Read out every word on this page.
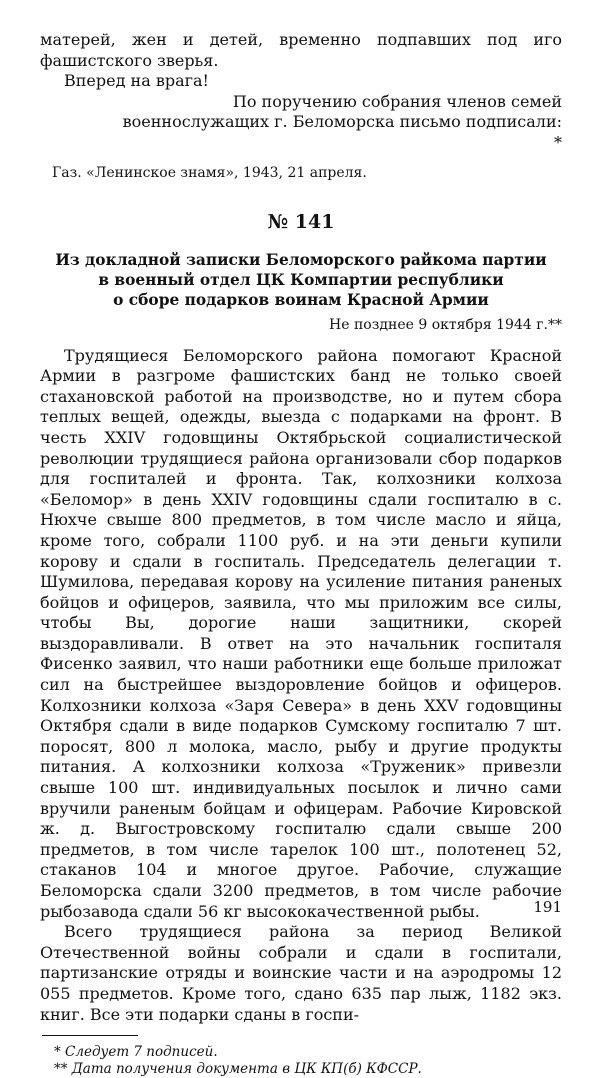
матерей, жен и детей, временно подпавших под иго фашистского зверья.

Вперед на врага!

По поручению собрания членов семей военнослужащих г. Беломорска письмо подписали: *

Газ. «Ленинское знамя», 1943, 21 апреля.

№ 141
Из докладной записки Беломорского райкома партии
в военный отдел ЦК Компартии республики
о сборе подарков воинам Красной Армии
Не позднее 9 октября 1944 г.**

Трудящиеся Беломорского района помогают Красной Армии в разгроме фашистских банд не только своей стахановской работой на производстве, но и путем сбора теплых вещей, одежды, выезда с подарками на фронт. В честь XXIV годовщины Октябрьской социалистической революции трудящиеся района организовали сбор подарков для госпиталей и фронта. Так, колхозники колхоза «Беломор» в день XXIV годовщины сдали госпиталю в с. Нюхче свыше 800 предметов, в том числе масло и яйца, кроме того, собрали 1100 руб. и на эти деньги купили корову и сдали в госпиталь. Председатель делегации т. Шумилова, передавая корову на усиление питания раненых бойцов и офицеров, заявила, что мы приложим все силы, чтобы Вы, дорогие наши защитники, скорей выздоравливали. В ответ на это начальник госпиталя Фисенко заявил, что наши работники еще больше приложат сил на быстрейшее выздоровление бойцов и офицеров. Колхозники колхоза «Заря Севера» в день XXV годовщины Октября сдали в виде подарков Сумскому госпиталю 7 шт. поросят, 800 л молока, масло, рыбу и другие продукты питания. А колхозники колхоза «Труженик» привезли свыше 100 шт. индивидуальных посылок и лично сами вручили раненым бойцам и офицерам. Рабочие Кировской ж. д. Выгостровскому госпиталю сдали свыше 200 предметов, в том числе тарелок 100 шт., полотенец 52, стаканов 104 и многое другое. Рабочие, служащие Беломорска сдали 3200 предметов, в том числе рабочие рыбозавода сдали 56 кг высококачественной рыбы.

Всего трудящиеся района за период Великой Отечественной войны собрали и сдали в госпитали, партизанские отряды и воинские части и на аэродромы 12 055 предметов. Кроме того, сдано 635 пар лыж, 1182 экз. книг. Все эти подарки сданы в госпи-

* Следует 7 подписей.
** Дата получения документа в ЦК КП(б) КФССР.
191
